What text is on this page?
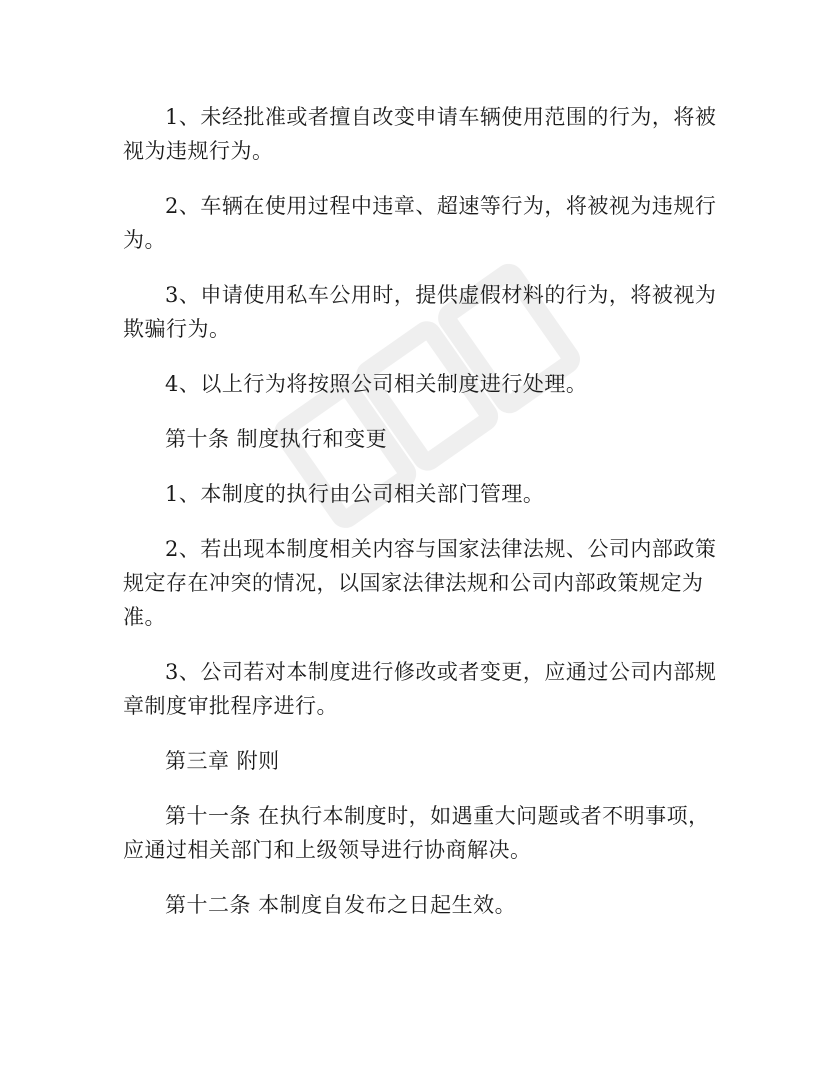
1、未经批准或者擅自改变申请车辆使用范围的行为，将被视为违规行为。

2、车辆在使用过程中违章、超速等行为，将被视为违规行为。

3、申请使用私车公用时，提供虚假材料的行为，将被视为欺骗行为。

4、以上行为将按照公司相关制度进行处理。

第十条 制度执行和变更

1、本制度的执行由公司相关部门管理。

2、若出现本制度相关内容与国家法律法规、公司内部政策规定存在冲突的情况，以国家法律法规和公司内部政策规定为准。

3、公司若对本制度进行修改或者变更，应通过公司内部规章制度审批程序进行。

第三章 附则

第十一条 在执行本制度时，如遇重大问题或者不明事项，应通过相关部门和上级领导进行协商解决。

第十二条 本制度自发布之日起生效。
